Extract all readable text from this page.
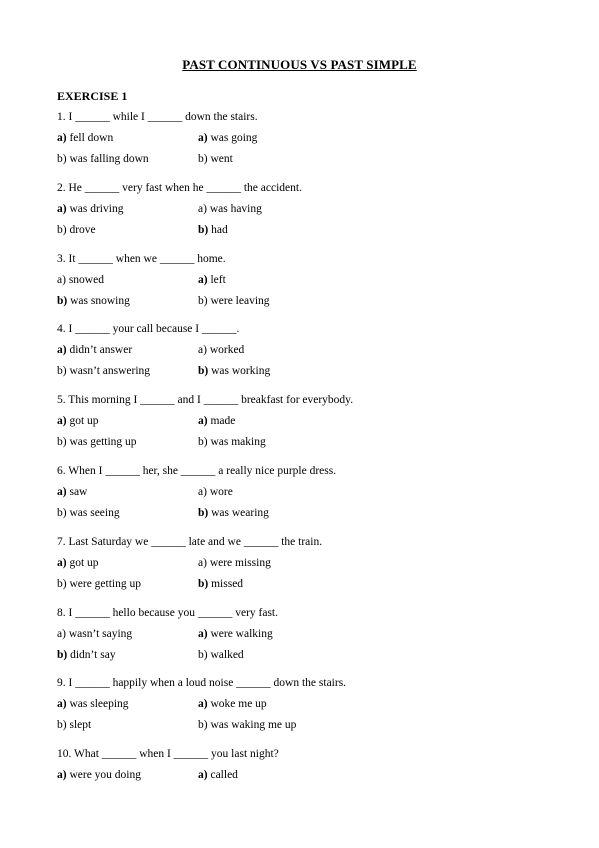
PAST CONTINUOUS VS PAST SIMPLE
EXERCISE 1
1. I ______ while I ______ down the stairs.
a) fell down	a) was going
b) was falling down	b) went
2. He ______ very fast when he ______ the accident.
a) was driving	a) was having
b) drove	b) had
3. It ______ when we ______ home.
a) snowed	a) left
b) was snowing	b) were leaving
4. I ______ your call because I ______.
a) didn’t answer	a) worked
b) wasn’t answering	b) was working
5. This morning I ______ and I ______ breakfast for everybody.
a) got up	a) made
b) was getting up	b) was making
6. When I ______ her, she ______ a really nice purple dress.
a) saw	a) wore
b) was seeing	b) was wearing
7. Last Saturday we ______ late and we ______ the train.
a) got up	a) were missing
b) were getting up	b) missed
8. I ______ hello because you ______ very fast.
a) wasn’t saying	a) were walking
b) didn’t say	b) walked
9. I ______ happily when a loud noise ______ down the stairs.
a) was sleeping	a) woke me up
b) slept	b) was waking me up
10. What ______ when I ______ you last night?
a) were you doing	a) called
